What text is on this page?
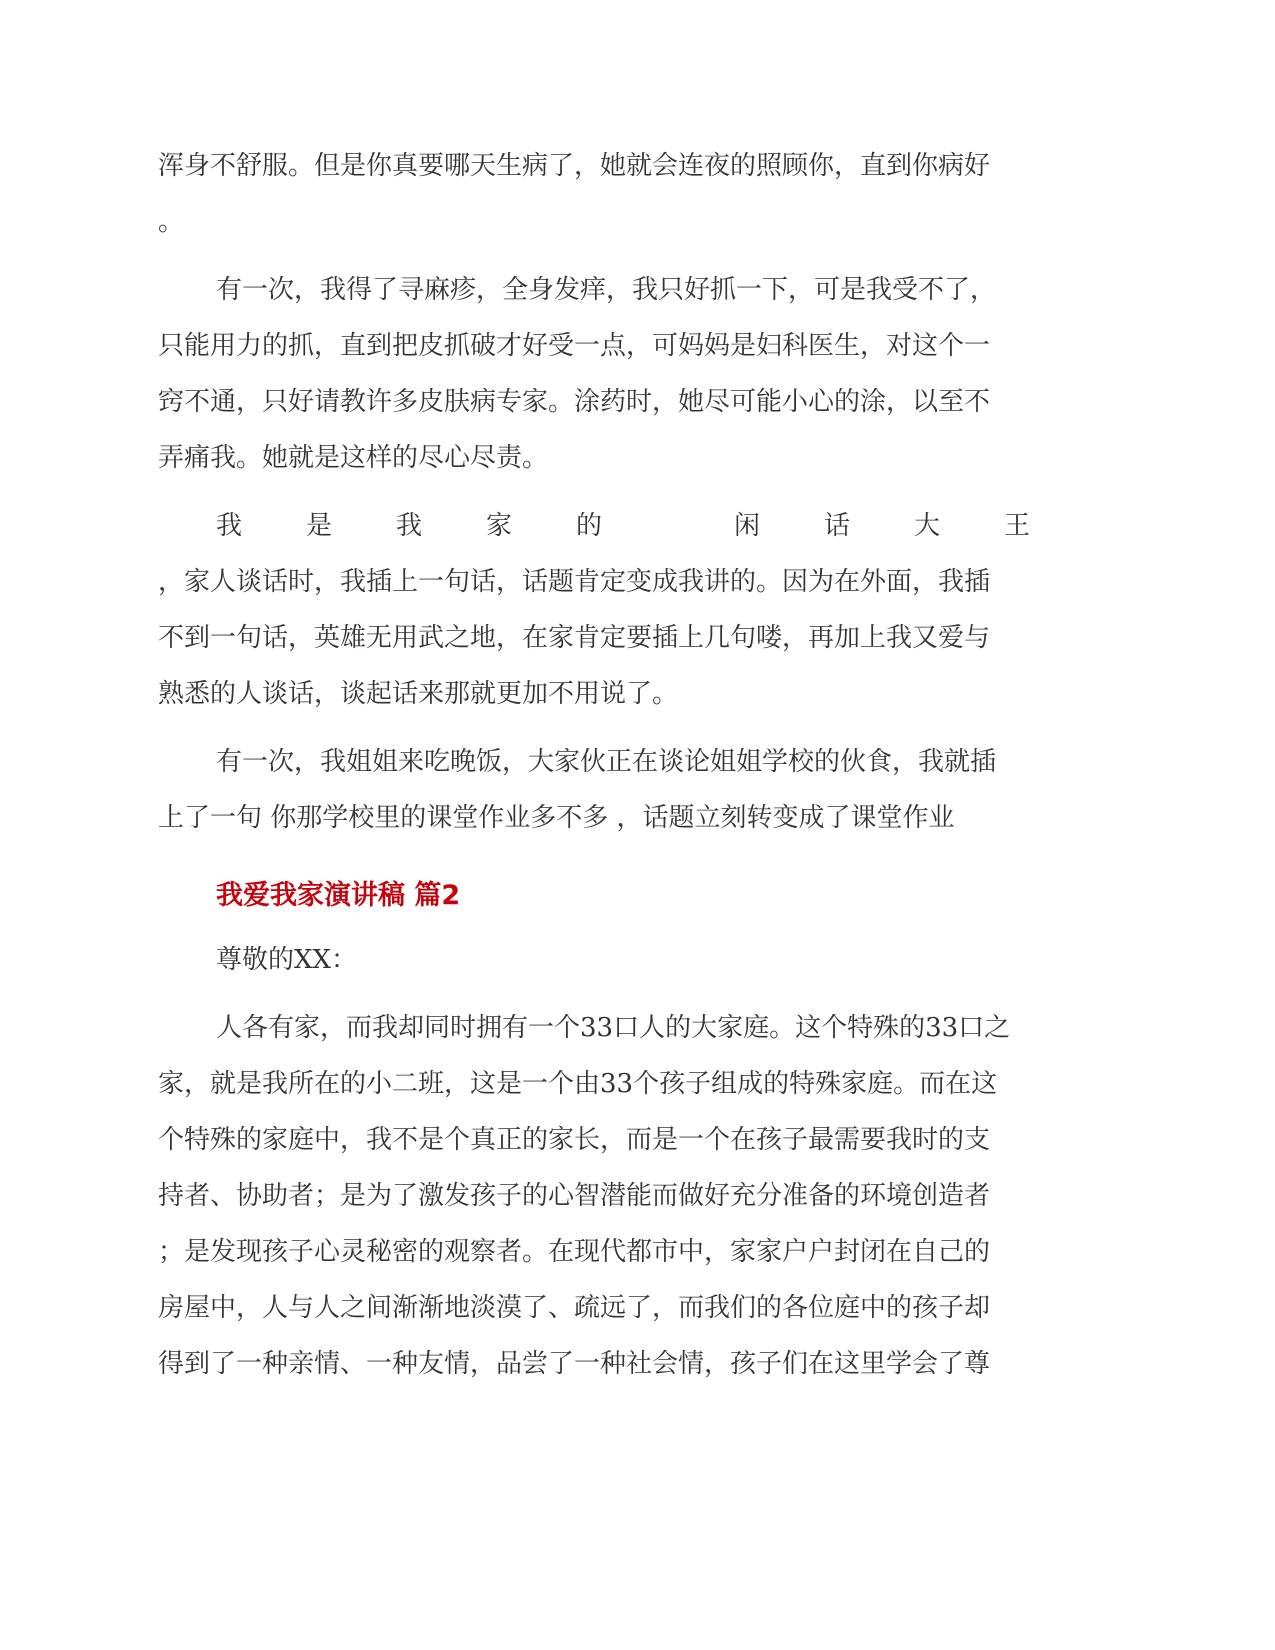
浑身不舒服。但是你真要哪天生病了，她就会连夜的照顾你，直到你病好
。
有一次，我得了寻麻疹，全身发痒，我只好抓一下，可是我受不了，
只能用力的抓，直到把皮抓破才好受一点，可妈妈是妇科医生，对这个一
窍不通，只好请教许多皮肤病专家。涂药时，她尽可能小心的涂，以至不
弄痛我。她就是这样的尽心尽责。
我	是	我	家	的	闲	话	大	王
，家人谈话时，我插上一句话，话题肯定变成我讲的。因为在外面，我插
不到一句话，英雄无用武之地，在家肯定要插上几句喽，再加上我又爱与
熟悉的人谈话，谈起话来那就更加不用说了。
有一次，我姐姐来吃晚饭，大家伙正在谈论姐姐学校的伙食，我就插
上了一句 你那学校里的课堂作业多不多 ，话题立刻转变成了课堂作业
我爱我家演讲稿 篇2
尊敬的XX：
人各有家，而我却同时拥有一个33口人的大家庭。这个特殊的33口之
家，就是我所在的小二班，这是一个由33个孩子组成的特殊家庭。而在这
个特殊的家庭中，我不是个真正的家长，而是一个在孩子最需要我时的支
持者、协助者；是为了激发孩子的心智潜能而做好充分准备的环境创造者
；是发现孩子心灵秘密的观察者。在现代都市中，家家户户封闭在自己的
房屋中，人与人之间渐渐地淡漠了、疏远了，而我们的各位庭中的孩子却
得到了一种亲情、一种友情，品尝了一种社会情，孩子们在这里学会了尊
